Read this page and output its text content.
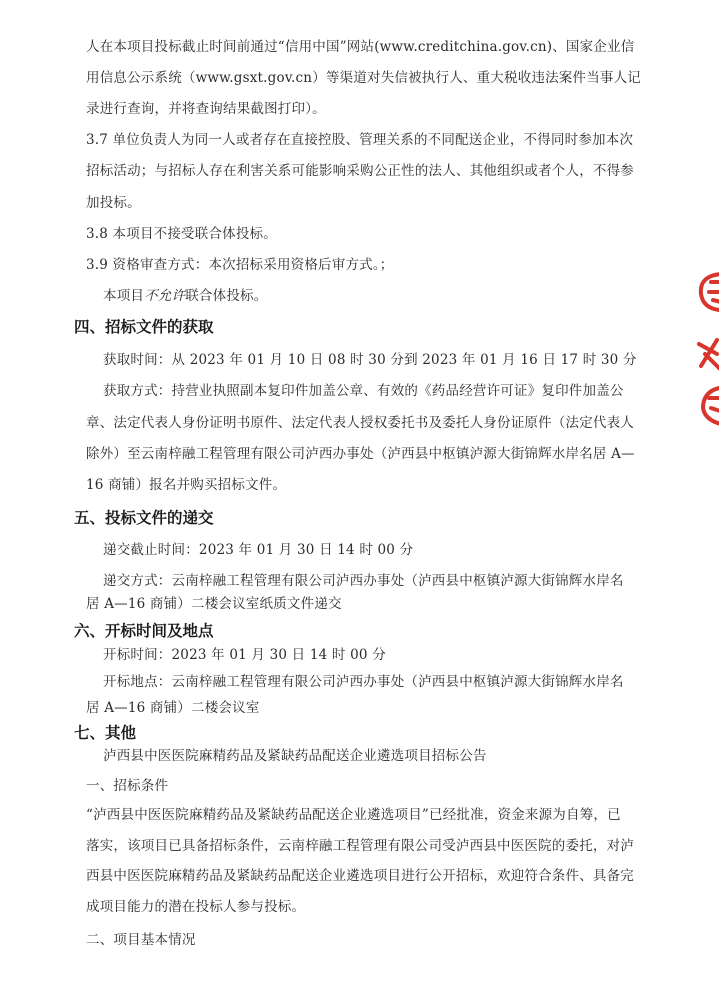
人在本项目投标截止时间前通过“信用中国”网站(www.creditchina.gov.cn)、国家企业信
用信息公示系统（www.gsxt.gov.cn）等渠道对失信被执行人、重大税收违法案件当事人记
录进行查询，并将查询结果截图打印）。
3.7 单位负责人为同一人或者存在直接控股、管理关系的不同配送企业，不得同时参加本次
招标活动；与招标人存在利害关系可能影响采购公正性的法人、其他组织或者个人，不得参
加投标。
3.8 本项目不接受联合体投标。
3.9 资格审查方式：本次招标采用资格后审方式。；
本项目不允许联合体投标。
四、招标文件的获取
获取时间：从 2023 年 01 月 10 日 08 时 30 分到 2023 年 01 月 16 日 17 时 30 分
获取方式：持营业执照副本复印件加盖公章、有效的《药品经营许可证》复印件加盖公
章、法定代表人身份证明书原件、法定代表人授权委托书及委托人身份证原件（法定代表人
除外）至云南梓融工程管理有限公司泸西办事处（泸西县中枢镇泸源大街锦辉水岸名居 A—
16 商铺）报名并购买招标文件。
五、投标文件的递交
递交截止时间：2023 年 01 月 30 日 14 时 00 分
递交方式：云南梓融工程管理有限公司泸西办事处（泸西县中枢镇泸源大街锦辉水岸名
居 A—16 商铺）二楼会议室纸质文件递交
六、开标时间及地点
开标时间：2023 年 01 月 30 日 14 时 00 分
开标地点：云南梓融工程管理有限公司泸西办事处（泸西县中枢镇泸源大街锦辉水岸名
居 A—16 商铺）二楼会议室
七、其他
泸西县中医医院麻精药品及紧缺药品配送企业遴选项目招标公告
一、招标条件
“泸西县中医医院麻精药品及紧缺药品配送企业遴选项目”已经批准，资金来源为自筹，已
落实，该项目已具备招标条件，云南梓融工程管理有限公司受泸西县中医医院的委托，对泸
西县中医医院麻精药品及紧缺药品配送企业遴选项目进行公开招标，欢迎符合条件、具备完
成项目能力的潜在投标人参与投标。
二、项目基本情况
